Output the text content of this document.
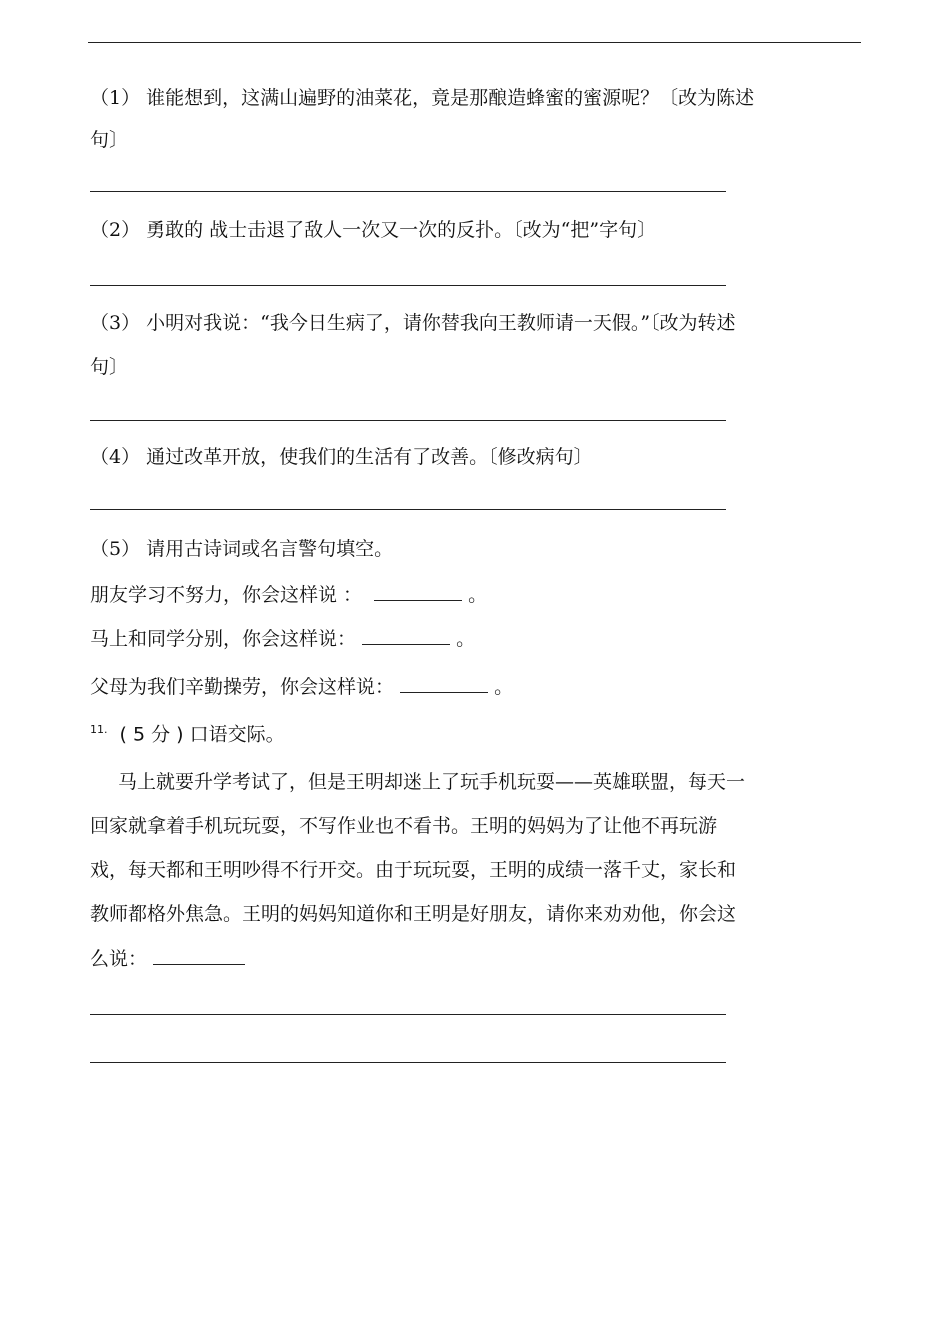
（1） 谁能想到，这满山遍野的油菜花，竟是那酿造蜂蜜的蜜源呢？〔改为陈述
句〕
（2） 勇敢的 战士击退了敌人一次又一次的反扑。〔改为“把”字句〕
（3） 小明对我说：“我今日生病了，请你替我向王教师请一天假。”〔改为转述
句〕
（4） 通过改革开放，使我们的生活有了改善。〔修改病句〕
（5） 请用古诗词或名言警句填空。
朋友学习不努力，你会这样说 ：	。
马上和同学分别，你会这样说：	。
父母为我们辛勤操劳，你会这样说：	。
$^{11.}$ ( 5 分 ) 口语交际。
马上就要升学考试了，但是王明却迷上了玩手机玩耍——英雄联盟，每天一
回家就拿着手机玩玩耍，不写作业也不看书。王明的妈妈为了让他不再玩游
戏，每天都和王明吵得不行开交。由于玩玩耍，王明的成绩一落千丈，家长和
教师都格外焦急。王明的妈妈知道你和王明是好朋友，请你来劝劝他，你会这
么说：
